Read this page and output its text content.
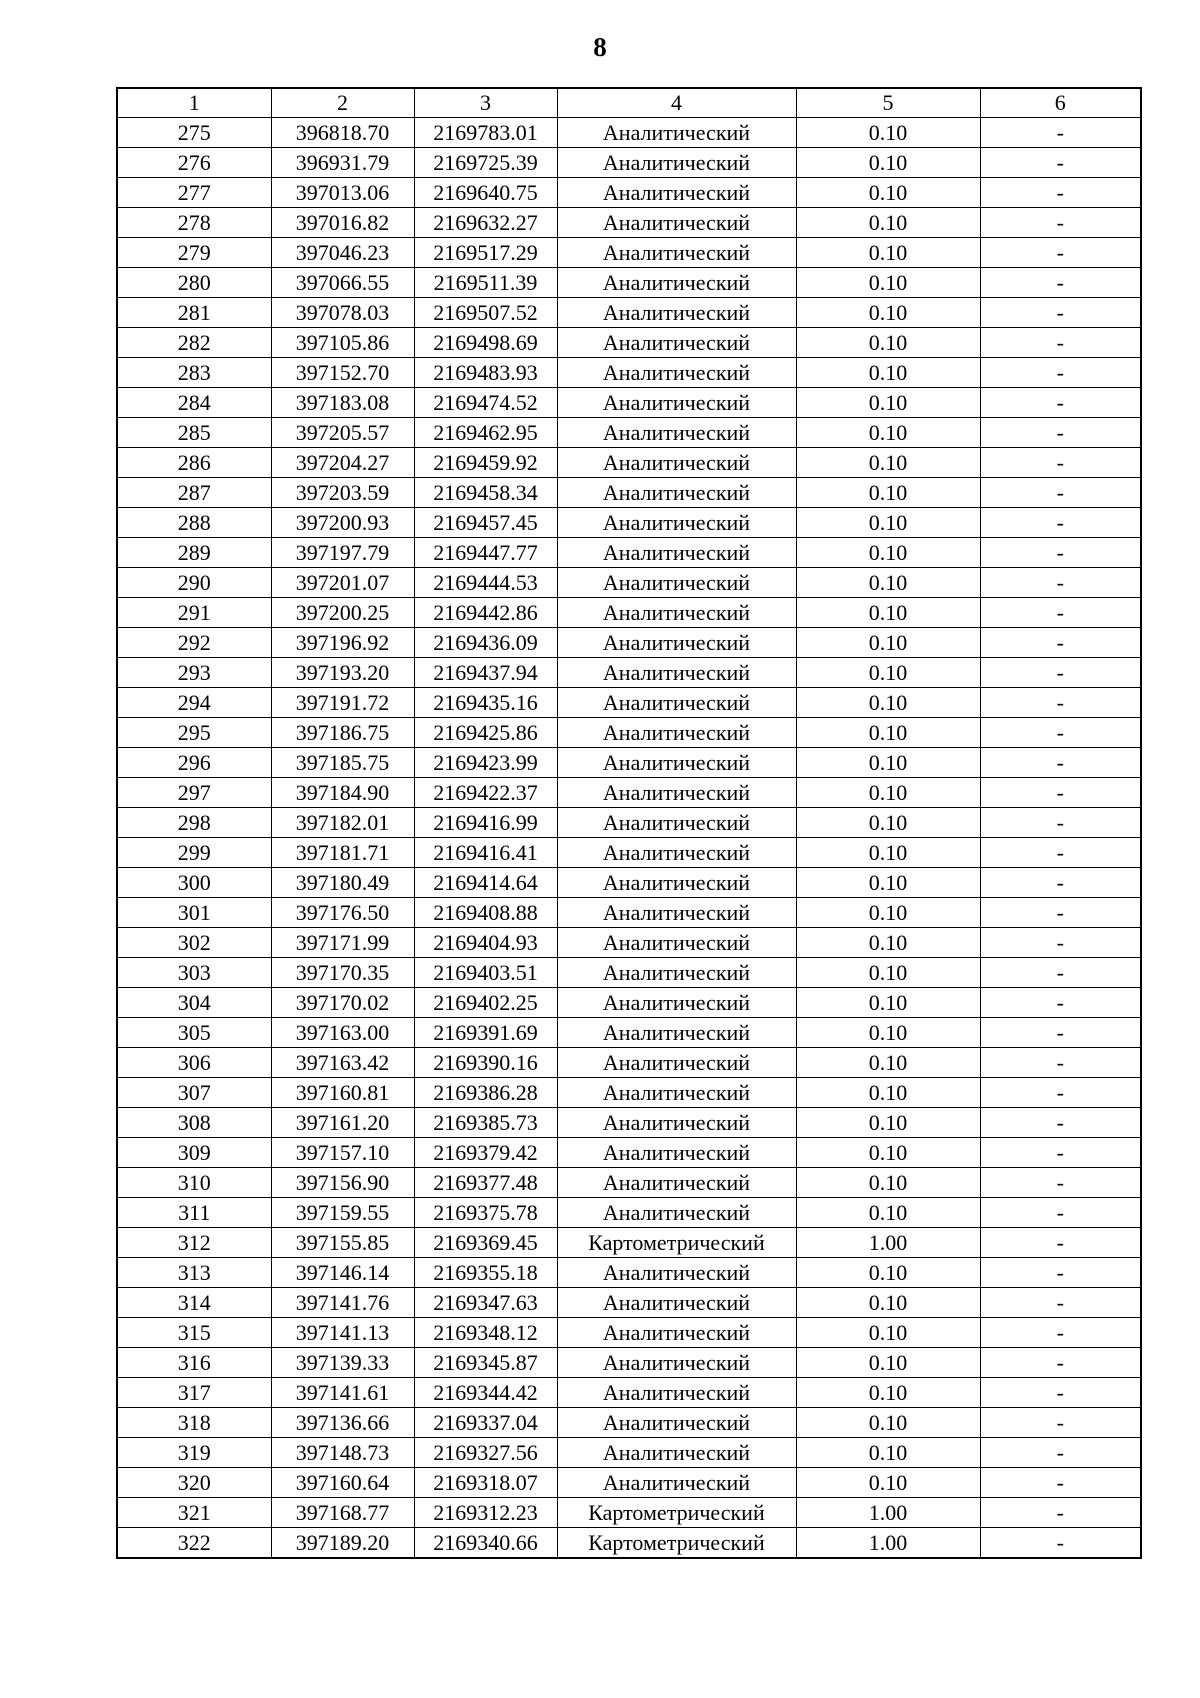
8
1	2	3	4	5	6
275	396818.70	2169783.01	Аналитический	0.10	-
276	396931.79	2169725.39	Аналитический	0.10	-
277	397013.06	2169640.75	Аналитический	0.10	-
278	397016.82	2169632.27	Аналитический	0.10	-
279	397046.23	2169517.29	Аналитический	0.10	-
280	397066.55	2169511.39	Аналитический	0.10	-
281	397078.03	2169507.52	Аналитический	0.10	-
282	397105.86	2169498.69	Аналитический	0.10	-
283	397152.70	2169483.93	Аналитический	0.10	-
284	397183.08	2169474.52	Аналитический	0.10	-
285	397205.57	2169462.95	Аналитический	0.10	-
286	397204.27	2169459.92	Аналитический	0.10	-
287	397203.59	2169458.34	Аналитический	0.10	-
288	397200.93	2169457.45	Аналитический	0.10	-
289	397197.79	2169447.77	Аналитический	0.10	-
290	397201.07	2169444.53	Аналитический	0.10	-
291	397200.25	2169442.86	Аналитический	0.10	-
292	397196.92	2169436.09	Аналитический	0.10	-
293	397193.20	2169437.94	Аналитический	0.10	-
294	397191.72	2169435.16	Аналитический	0.10	-
295	397186.75	2169425.86	Аналитический	0.10	-
296	397185.75	2169423.99	Аналитический	0.10	-
297	397184.90	2169422.37	Аналитический	0.10	-
298	397182.01	2169416.99	Аналитический	0.10	-
299	397181.71	2169416.41	Аналитический	0.10	-
300	397180.49	2169414.64	Аналитический	0.10	-
301	397176.50	2169408.88	Аналитический	0.10	-
302	397171.99	2169404.93	Аналитический	0.10	-
303	397170.35	2169403.51	Аналитический	0.10	-
304	397170.02	2169402.25	Аналитический	0.10	-
305	397163.00	2169391.69	Аналитический	0.10	-
306	397163.42	2169390.16	Аналитический	0.10	-
307	397160.81	2169386.28	Аналитический	0.10	-
308	397161.20	2169385.73	Аналитический	0.10	-
309	397157.10	2169379.42	Аналитический	0.10	-
310	397156.90	2169377.48	Аналитический	0.10	-
311	397159.55	2169375.78	Аналитический	0.10	-
312	397155.85	2169369.45	Картометрический	1.00	-
313	397146.14	2169355.18	Аналитический	0.10	-
314	397141.76	2169347.63	Аналитический	0.10	-
315	397141.13	2169348.12	Аналитический	0.10	-
316	397139.33	2169345.87	Аналитический	0.10	-
317	397141.61	2169344.42	Аналитический	0.10	-
318	397136.66	2169337.04	Аналитический	0.10	-
319	397148.73	2169327.56	Аналитический	0.10	-
320	397160.64	2169318.07	Аналитический	0.10	-
321	397168.77	2169312.23	Картометрический	1.00	-
322	397189.20	2169340.66	Картометрический	1.00	-
